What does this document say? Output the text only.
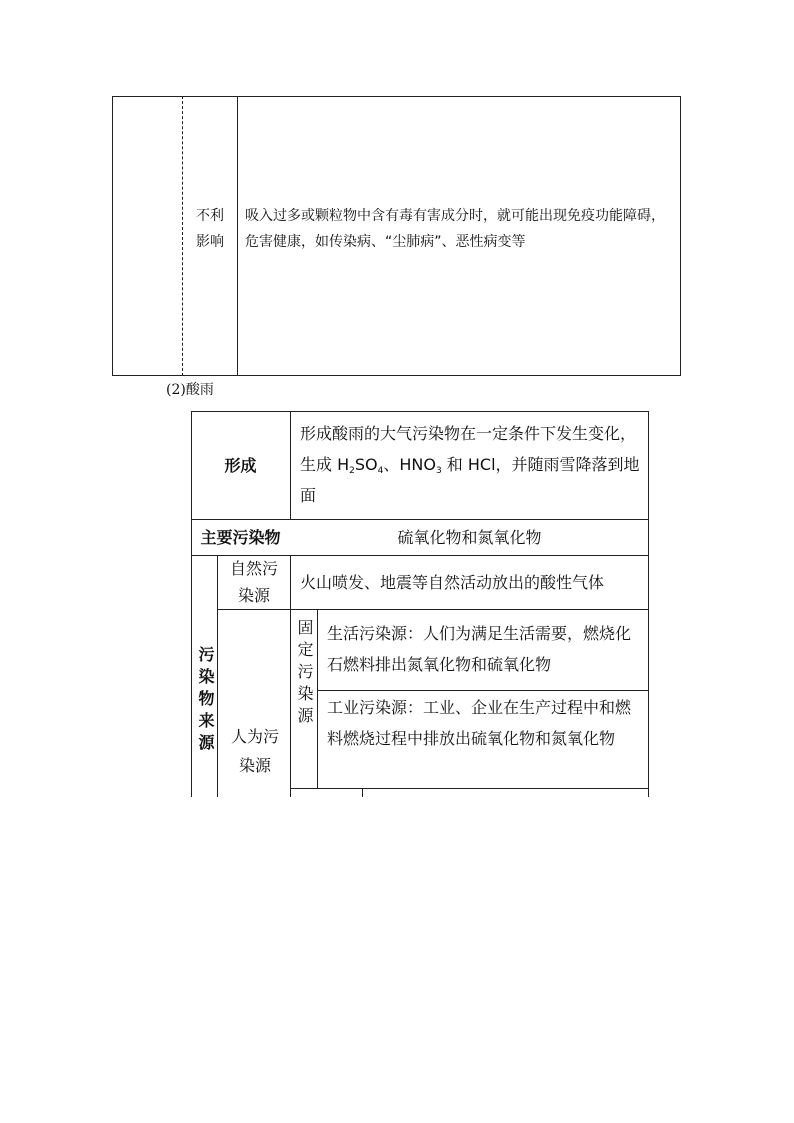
不利
影响
吸入过多或颗粒物中含有毒有害成分时，就可能出现免疫功能障碍，危害健康，如传染病、“尘肺病”、恶性病变等
(2)酸雨
形成
形成酸雨的大气污染物在一定条件下发生变化，生成 $H_2SO_4$、$HNO_3$ 和 HCl，并随雨雪降落到地面
主要污染物	硫氧化物和氮氧化物
污染物来源
自然污染源
火山喷发、地震等自然活动放出的酸性气体
人为污染源
固定污染源 生活污染源：人们为满足生活需要，燃烧化石燃料排出氮氧化物和硫氧化物
工业污染源：工业、企业在生产过程中和燃料燃烧过程中排放出硫氧化物和氮氧化物
